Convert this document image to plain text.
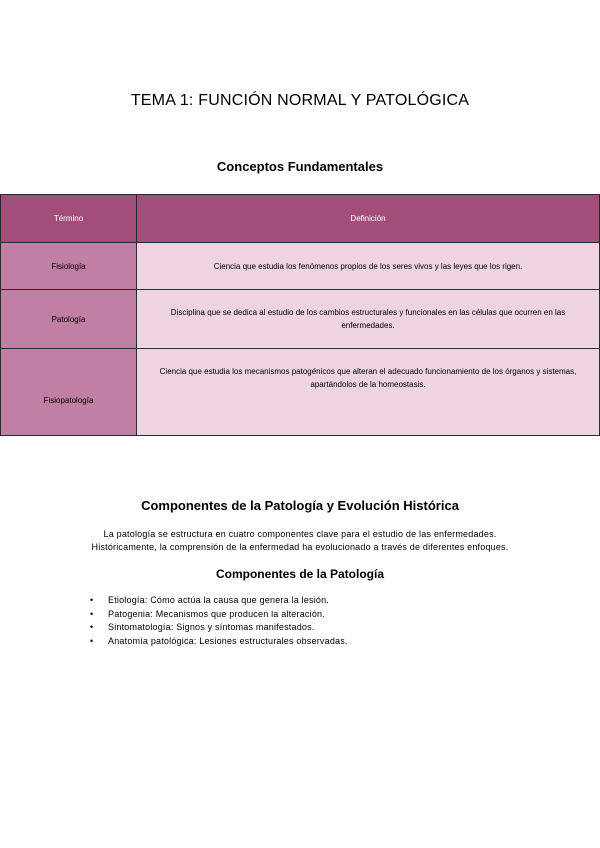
TEMA 1: FUNCIÓN NORMAL Y PATOLÓGICA
Conceptos Fundamentales
Término	Definición
Fisiología	Ciencia que estudia los fenómenos propios de los seres vivos y las leyes que los rigen.
Patología	Disciplina que se dedica al estudio de los cambios estructurales y funcionales en las células que ocurren en las enfermedades.
Fisiopatología	Ciencia que estudia los mecanismos patogénicos que alteran el adecuado funcionamiento de los órganos y sistemas, apartándolos de la homeostasis.
Componentes de la Patología y Evolución Histórica
La patología se estructura en cuatro componentes clave para el estudio de las enfermedades.
Históricamente, la comprensión de la enfermedad ha evolucionado a través de diferentes enfoques.
Componentes de la Patología
• Etiología: Cómo actúa la causa que genera la lesión.
• Patogenia: Mecanismos que producen la alteración.
• Sintomatología: Signos y síntomas manifestados.
• Anatomía patológica: Lesiones estructurales observadas.
